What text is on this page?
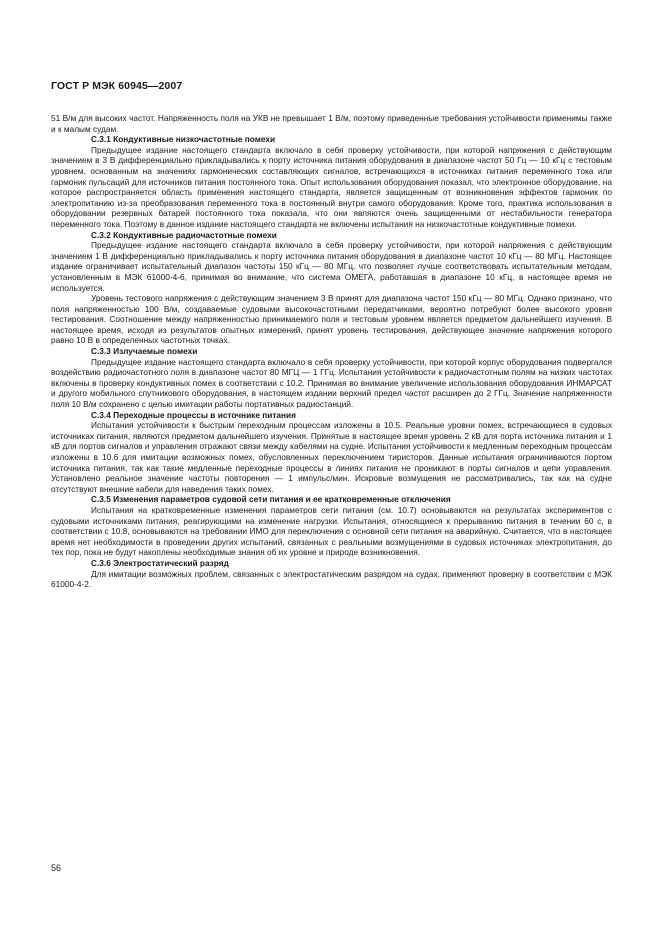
ГОСТ Р МЭК 60945—2007

51 В/м для высоких частот. Напряженность поля на УКВ не превышает 1 В/м, поэтому приведенные требования устойчивости применимы также и к малым судам.

С.3.1 Кондуктивные низкочастотные помехи

Предыдущее издание настоящего стандарта включало в себя проверку устойчивости, при которой напряжения с действующим значением в 3 В дифференциально прикладывались к порту источника питания оборудования в диапазоне частот 50 Гц — 10 кГц с тестовым уровнем, основанным на значениях гармонических составляющих сигналов, встречающихся в источниках питания переменного тока или гармоник пульсаций для источников питания постоянного тока. Опыт использования оборудования показал, что электронное оборудование, на которое распространяется область применения настоящего стандарта, является защищенным от возникновения эффектов гармоник по электропитанию из-за преобразования переменного тока в постоянный внутри самого оборудования. Кроме того, практика использования в оборудовании резервных батарей постоянного тока показала, что они являются очень защищенными от нестабильности генератора переменного тока. Поэтому в данное издание настоящего стандарта не включены испытания на низкочастотные кондуктивные помехи.

С.3.2 Кондуктивные радиочастотные помехи

Предыдущее издание настоящего стандарта включало в себя проверку устойчивости, при которой напряжения с действующим значением 1 В дифференциально прикладывались к порту источника питания оборудования в диапазоне частот 10 кГц — 80 МГц. Настоящее издание ограничивает испытательный диапазон частоты 150 кГц — 80 МГц, что позволяет лучше соответствовать испытательным методам, установленным в МЭК 61000-4-6, принимая во внимание, что система ОМЕГА, работавшая в диапазоне 10 кГц, в настоящее время не используется.

Уровень тестового напряжения с действующим значением 3 В принят для диапазона частот 150 кГц — 80 МГц. Однако признано, что поля напряженностью 100 В/м, создаваемые судовыми высокочастотными передатчиками, вероятно потребуют более высокого уровня тестирования. Соотношение между напряженностью принимаемого поля и тестовым уровнем является предметом дальнейшего изучения. В настоящее время, исходя из результатов опытных измерений, принят уровень тестирования, действующее значение напряжения которого равно 10 В в определенных частотных точках.

С.3.3 Излучаемые помехи

Предыдущее издание настоящего стандарта включало в себя проверку устойчивости, при которой корпус оборудования подвергался воздействию радиочастотного поля в диапазоне частот 80 МГЦ — 1 ГГц. Испытания устойчивости к радиочастотным полям на низких частотах включены в проверку кондуктивных помех в соответствии с 10.2. Принимая во внимание увеличение использования оборудования ИНМАРСАТ и другого мобильного спутникового оборудования, в настоящем издании верхний предел частот расширен до 2 ГГц. Значение напряженности поля 10 В/м сохранено с целью имитации работы портативных радиостанций.

С.3.4 Переходные процессы в источнике питания

Испытания устойчивости к быстрым переходным процессам изложены в 10.5. Реальные уровни помех, встречающиеся в судовых источниках питания, являются предметом дальнейшего изучения. Принятые в настоящее время уровень 2 кВ для порта источника питания и 1 кВ для портов сигналов и управления отражают связи между кабелями на судне. Испытания устойчивости к медленным переходным процессам изложены в 10.6 для имитации возможных помех, обусловленных переключением тиристоров. Данные испытания ограничиваются портом источника питания, так как такие медленные переходные процессы в линиях питания не проникают в порты сигналов и цепи управления. Установлено реальное значение частоты повторения — 1 импульс/мин. Искровые возмущения не рассматривались, так как на судне отсутствуют внешние кабели для наведения таких помех.

С.3.5 Изменения параметров судовой сети питания и ее кратковременные отключения

Испытания на кратковременные изменения параметров сети питания (см. 10.7) основываются на результатах экспериментов с судовыми источниками питания, реагирующими на изменение нагрузки. Испытания, относящиеся к прерыванию питания в течении 60 с, в соответствии с 10.8, основываются на требовании ИМО для переключения с основной сети питания на аварийную. Считается, что в настоящее время нет необходимости в проведении других испытаний, связанных с реальными возмущениями в судовых источниках электропитания, до тех пор, пока не будут накоплены необходимые знания об их уровне и природе возникновения.

С.3.6 Электростатический разряд

Для имитации возможных проблем, связанных с электростатическим разрядом на судах, применяют проверку в соответствии с МЭК 61000-4-2.

56
